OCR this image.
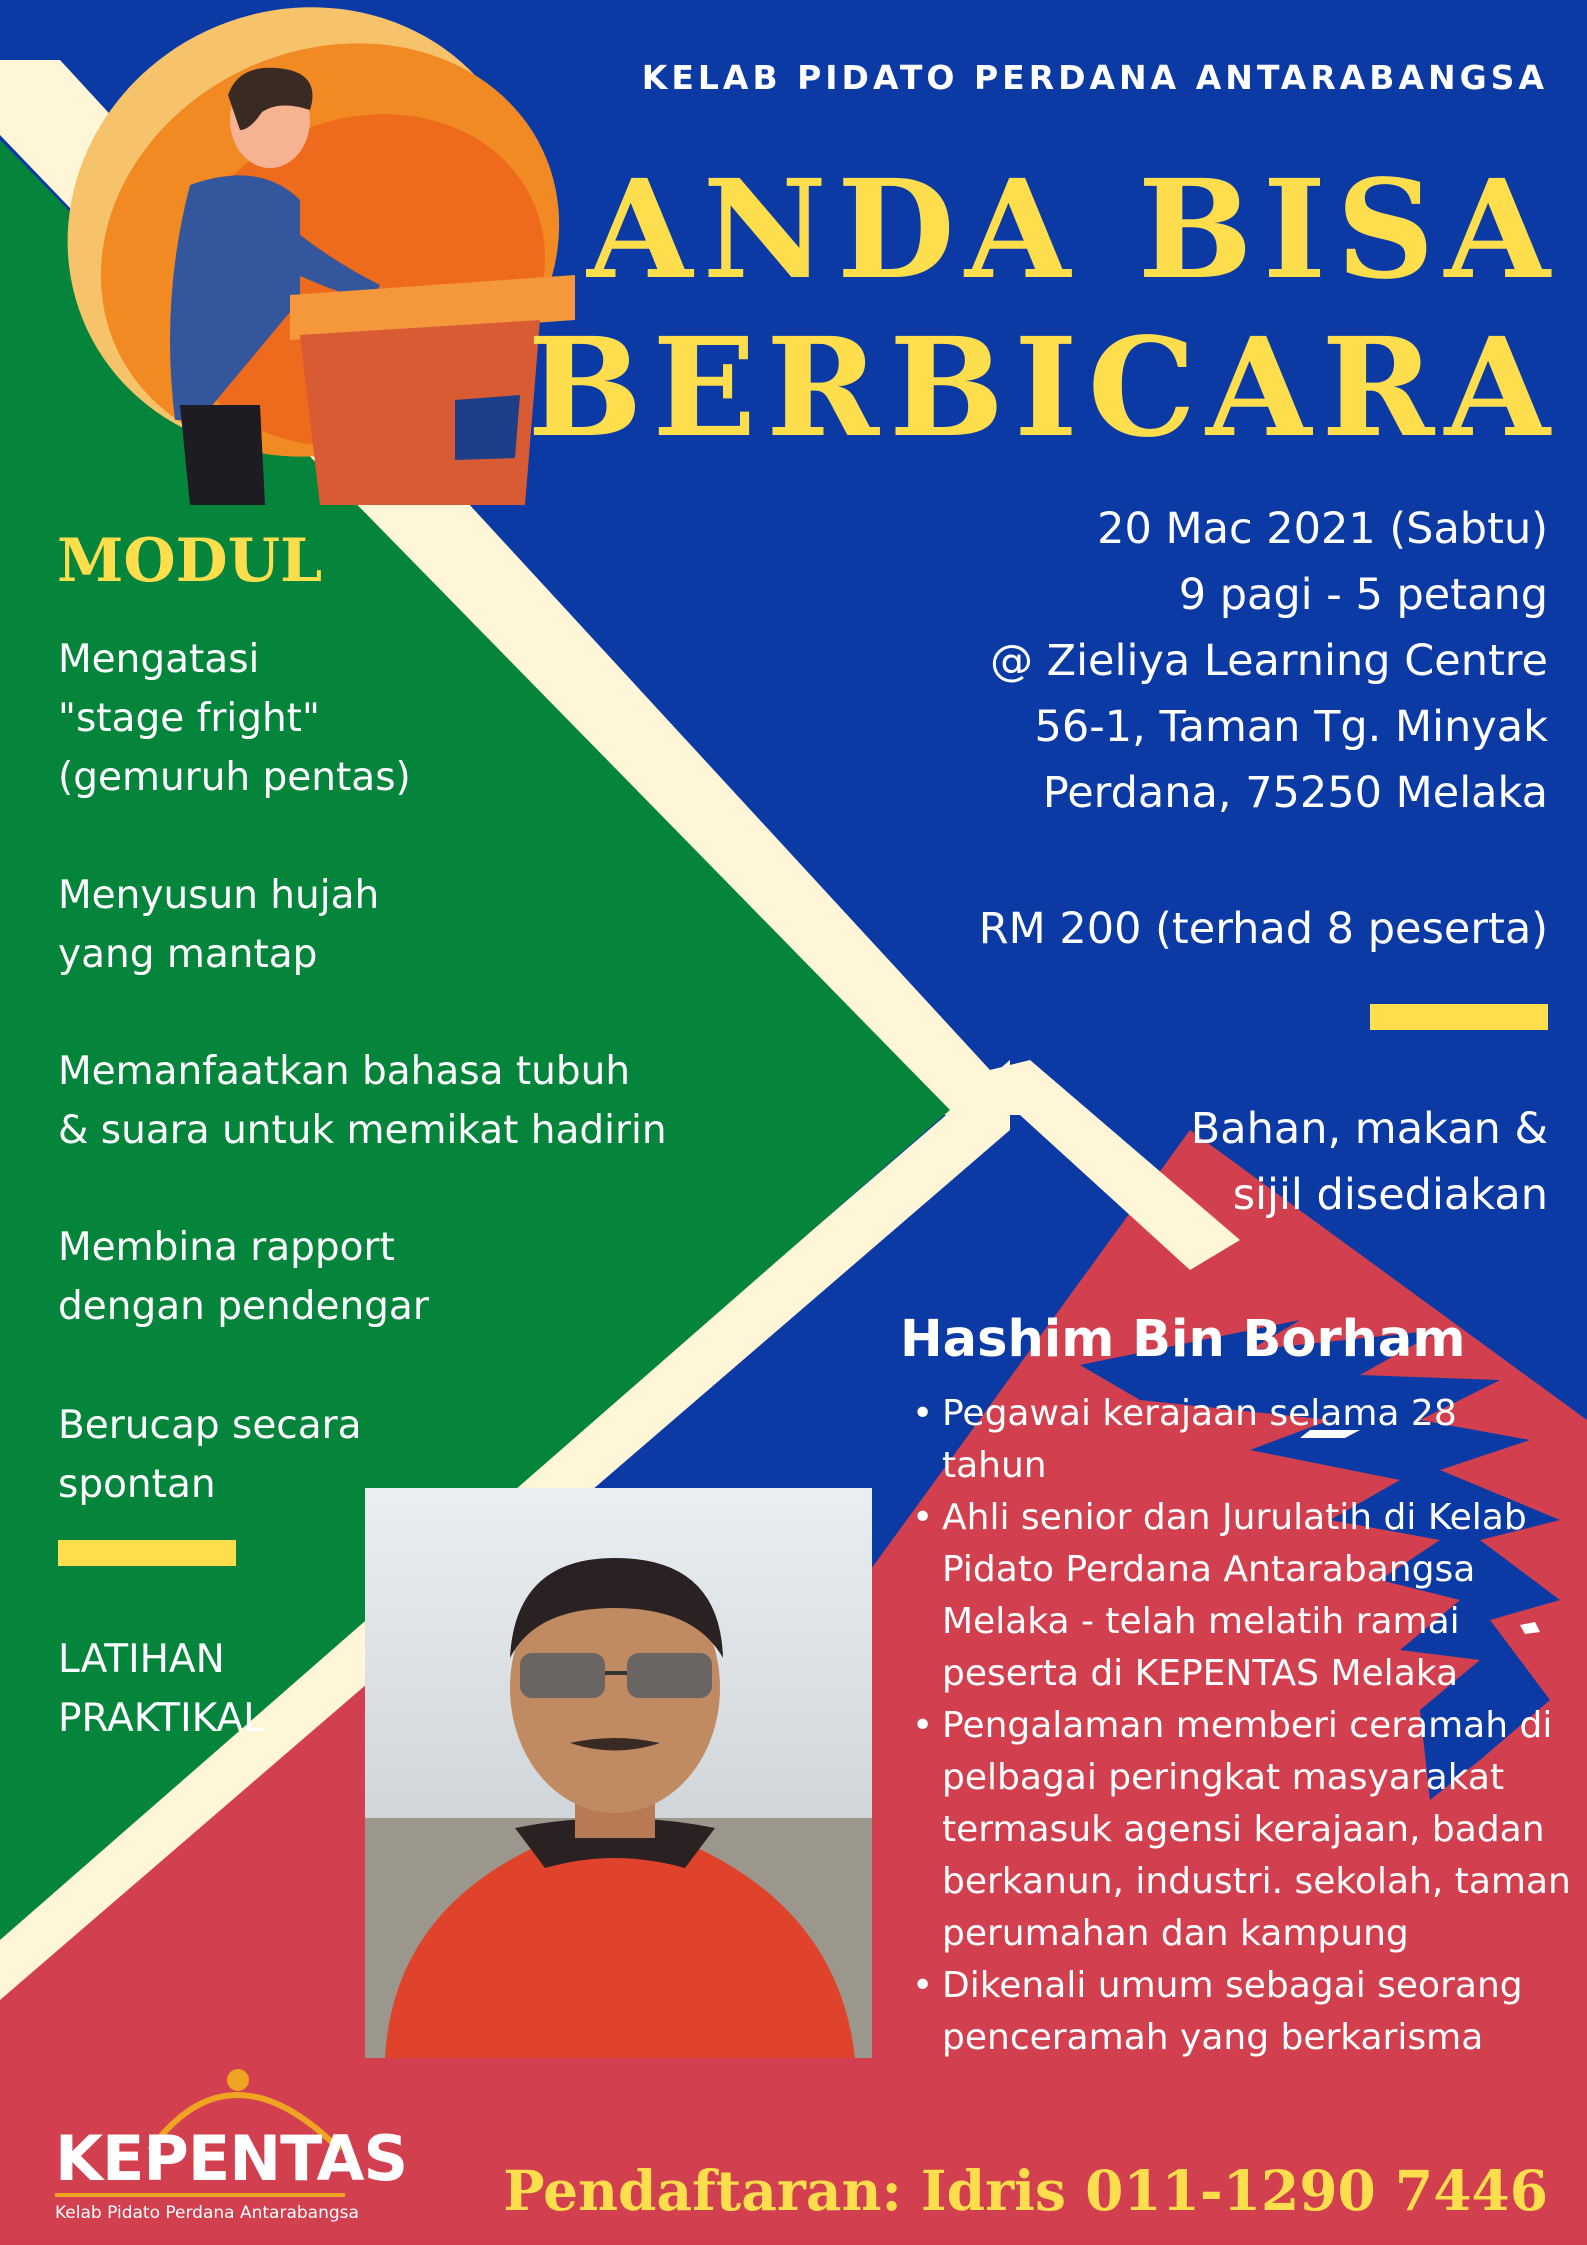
KELAB PIDATO PERDANA ANTARABANGSA
ANDA BISA
BERBICARA
20 Mac 2021 (Sabtu)
9 pagi - 5 petang
@ Zieliya Learning Centre
56-1, Taman Tg. Minyak
Perdana, 75250 Melaka
RM 200 (terhad 8 peserta)
Bahan, makan &
sijil disediakan
MODUL
Mengatasi
"stage fright"
(gemuruh pentas)
Menyusun hujah
yang mantap
Memanfaatkan bahasa tubuh
& suara untuk memikat hadirin
Membina rapport
dengan pendengar
Berucap secara
spontan
LATIHAN
PRAKTIKAL
Hashim Bin Borham
• Pegawai kerajaan selama 28 tahun
• Ahli senior dan Jurulatih di Kelab Pidato Perdana Antarabangsa Melaka - telah melatih ramai peserta di KEPENTAS Melaka
• Pengalaman memberi ceramah di pelbagai peringkat masyarakat termasuk agensi kerajaan, badan berkanun, industri. sekolah, taman perumahan dan kampung
• Dikenali umum sebagai seorang penceramah yang berkarisma
KEPENTAS
Kelab Pidato Perdana Antarabangsa	Pendaftaran: Idris 011-1290 7446
